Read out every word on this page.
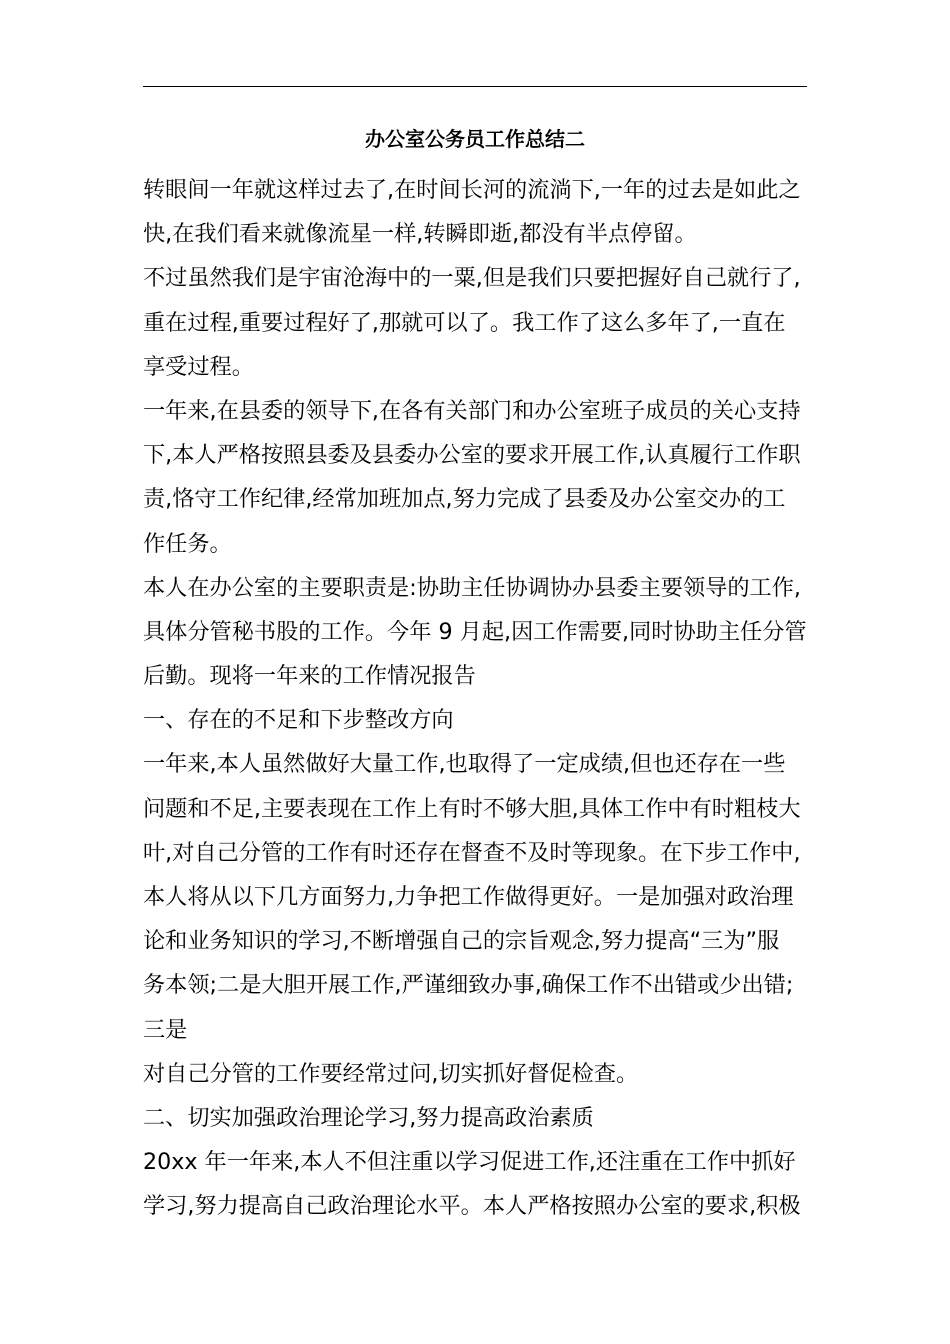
办公室公务员工作总结二
转眼间一年就这样过去了,在时间长河的流淌下,一年的过去是如此之
快,在我们看来就像流星一样,转瞬即逝,都没有半点停留。
不过虽然我们是宇宙沧海中的一粟,但是我们只要把握好自己就行了,
重在过程,重要过程好了,那就可以了。我工作了这么多年了,一直在
享受过程。
一年来,在县委的领导下,在各有关部门和办公室班子成员的关心支持
下,本人严格按照县委及县委办公室的要求开展工作,认真履行工作职
责,恪守工作纪律,经常加班加点,努力完成了县委及办公室交办的工
作任务。
本人在办公室的主要职责是:协助主任协调协办县委主要领导的工作,
具体分管秘书股的工作。今年 9 月起,因工作需要,同时协助主任分管
后勤。现将一年来的工作情况报告
一、存在的不足和下步整改方向
一年来,本人虽然做好大量工作,也取得了一定成绩,但也还存在一些
问题和不足,主要表现在工作上有时不够大胆,具体工作中有时粗枝大
叶,对自己分管的工作有时还存在督查不及时等现象。在下步工作中,
本人将从以下几方面努力,力争把工作做得更好。一是加强对政治理
论和业务知识的学习,不断增强自己的宗旨观念,努力提高“三为”服
务本领;二是大胆开展工作,严谨细致办事,确保工作不出错或少出错;
三是
对自己分管的工作要经常过问,切实抓好督促检查。
二、切实加强政治理论学习,努力提高政治素质
20xx 年一年来,本人不但注重以学习促进工作,还注重在工作中抓好
学习,努力提高自己政治理论水平。本人严格按照办公室的要求,积极
